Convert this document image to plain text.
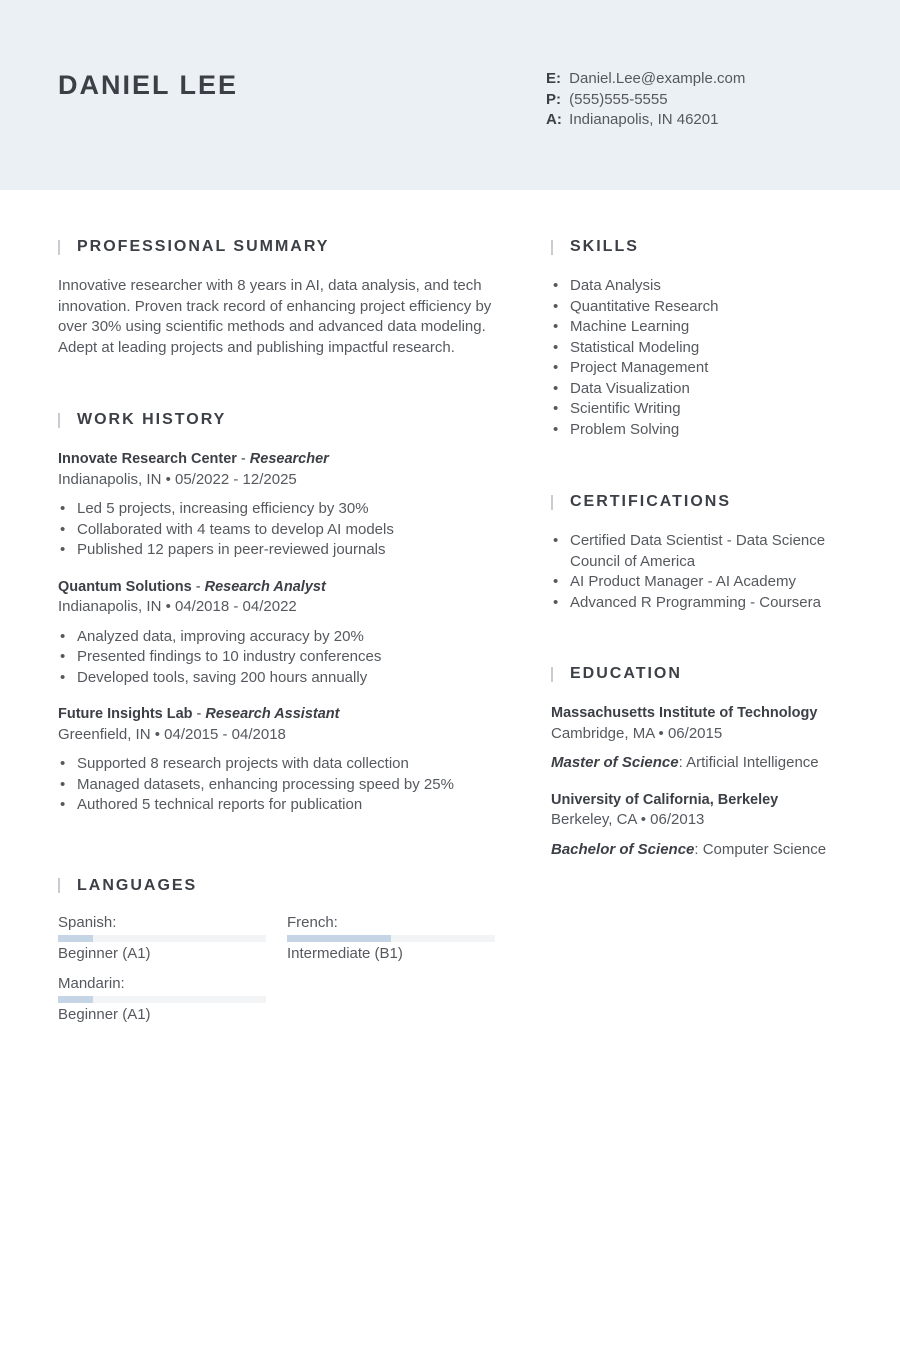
DANIEL LEE	E: Daniel.Lee@example.com
P: (555)555-5555
A: Indianapolis, IN 46201
PROFESSIONAL SUMMARY

Innovative researcher with 8 years in AI, data analysis, and tech innovation. Proven track record of enhancing project efficiency by over 30% using scientific methods and advanced data modeling. Adept at leading projects and publishing impactful research.

WORK HISTORY
Innovate Research Center - Researcher
Indianapolis, IN • 05/2022 - 12/2025
• Led 5 projects, increasing efficiency by 30%
• Collaborated with 4 teams to develop AI models
• Published 12 papers in peer-reviewed journals
Quantum Solutions - Research Analyst
Indianapolis, IN • 04/2018 - 04/2022
• Analyzed data, improving accuracy by 20%
• Presented findings to 10 industry conferences
• Developed tools, saving 200 hours annually
Future Insights Lab - Research Assistant
Greenfield, IN • 04/2015 - 04/2018
• Supported 8 research projects with data collection
• Managed datasets, enhancing processing speed by 25%
• Authored 5 technical reports for publication
LANGUAGES
Spanish:
Beginner (A1)
French:
Intermediate (B1)
Mandarin:
Beginner (A1)
SKILLS
• Data Analysis
• Quantitative Research
• Machine Learning
• Statistical Modeling
• Project Management
• Data Visualization
• Scientific Writing
• Problem Solving
CERTIFICATIONS
• Certified Data Scientist - Data Science Council of America
• AI Product Manager - AI Academy
• Advanced R Programming - Coursera
EDUCATION
Massachusetts Institute of Technology
Cambridge, MA • 06/2015
Master of Science: Artificial Intelligence
University of California, Berkeley
Berkeley, CA • 06/2013
Bachelor of Science: Computer Science
